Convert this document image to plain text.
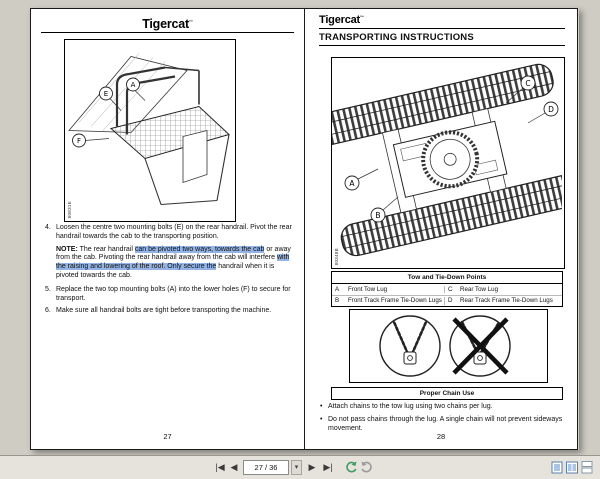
Tigercat™
E
A
F
80831E
4. Loosen the centre two mounting bolts (E) on the rear handrail. Pivot the rear handrail towards the cab to the transporting position.
NOTE: The rear handrail can be pivoted two ways, towards the cab or away from the cab. Pivoting the rear handrail away from the cab will interfere with the raising and lowering of the roof. Only secure the handrail when it is pivoted towards the cab.
5. Replace the two top mounting bolts (A) into the lower holes (F) to secure for transport.
6. Make sure all handrail bolts are tight before transporting the machine.
27
Tigercat™
TRANSPORTING INSTRUCTIONS
C
D
A
B
80348B
Tow and Tie-Down Points
A	Front Tow Lug	C	Rear Tow Lug
B	Front Track Frame Tie-Down Lugs D	Rear Track Frame Tie-Down Lugs
Proper Chain Use
• Attach chains to the tow lug using two chains per lug.
• Do not pass chains through the lug. A single chain will not prevent sideways movement.
28
|◀ ◀
27 / 36	▾	▶ ▶|
